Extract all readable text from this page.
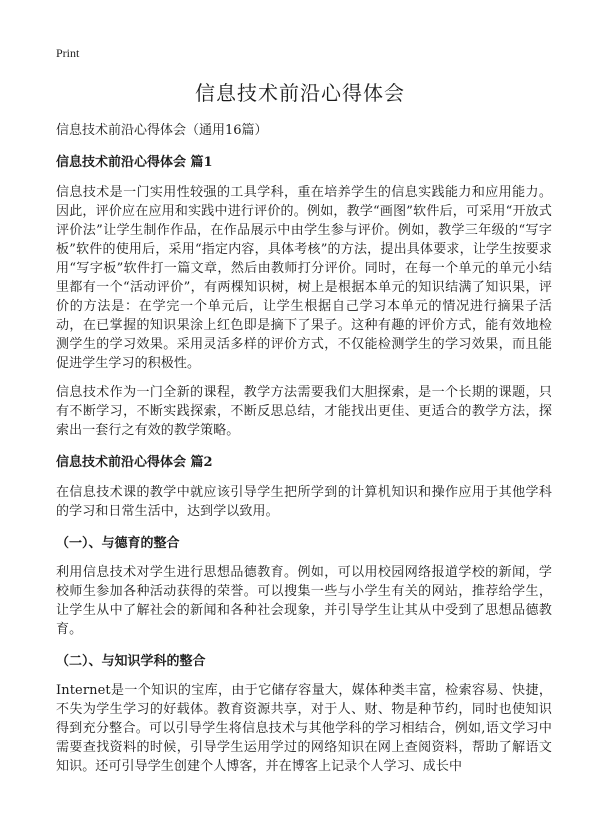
Print
信息技术前沿心得体会

信息技术前沿心得体会（通用16篇）

信息技术前沿心得体会 篇1

信息技术是一门实用性较强的工具学科，重在培养学生的信息实践能力和应用能力。因此，评价应在应用和实践中进行评价的。例如，教学“画图”软件后，可采用“开放式评价法”让学生制作作品，在作品展示中由学生参与评价。例如，教学三年级的“写字板”软件的使用后，采用“指定内容，具体考核”的方法，提出具体要求，让学生按要求用“写字板”软件打一篇文章，然后由教师打分评价。同时，在每一个单元的单元小结里都有一个“活动评价”，有两棵知识树，树上是根据本单元的知识结满了知识果，评价的方法是：在学完一个单元后，让学生根据自己学习本单元的情况进行摘果子活动，在已掌握的知识果涂上红色即是摘下了果子。这种有趣的评价方式，能有效地检测学生的学习效果。采用灵活多样的评价方式，不仅能检测学生的学习效果，而且能促进学生学习的积极性。

信息技术作为一门全新的课程，教学方法需要我们大胆探索，是一个长期的课题，只有不断学习，不断实践探索，不断反思总结，才能找出更佳、更适合的教学方法，探索出一套行之有效的教学策略。

信息技术前沿心得体会 篇2

在信息技术课的教学中就应该引导学生把所学到的计算机知识和操作应用于其他学科的学习和日常生活中，达到学以致用。

（一）、与德育的整合

利用信息技术对学生进行思想品德教育。例如，可以用校园网络报道学校的新闻，学校师生参加各种活动获得的荣誉。可以搜集一些与小学生有关的网站，推荐给学生，让学生从中了解社会的新闻和各种社会现象，并引导学生让其从中受到了思想品德教育。

（二）、与知识学科的整合

Internet是一个知识的宝库，由于它储存容量大，媒体种类丰富，检索容易、快捷，不失为学生学习的好载体。教育资源共享，对于人、财、物是种节约，同时也使知识得到充分整合。可以引导学生将信息技术与其他学科的学习相结合，例如,语文学习中需要查找资料的时候，引导学生运用学过的网络知识在网上查阅资料，帮助了解语文知识。还可引导学生创建个人博客，并在博客上记录个人学习、成长中
